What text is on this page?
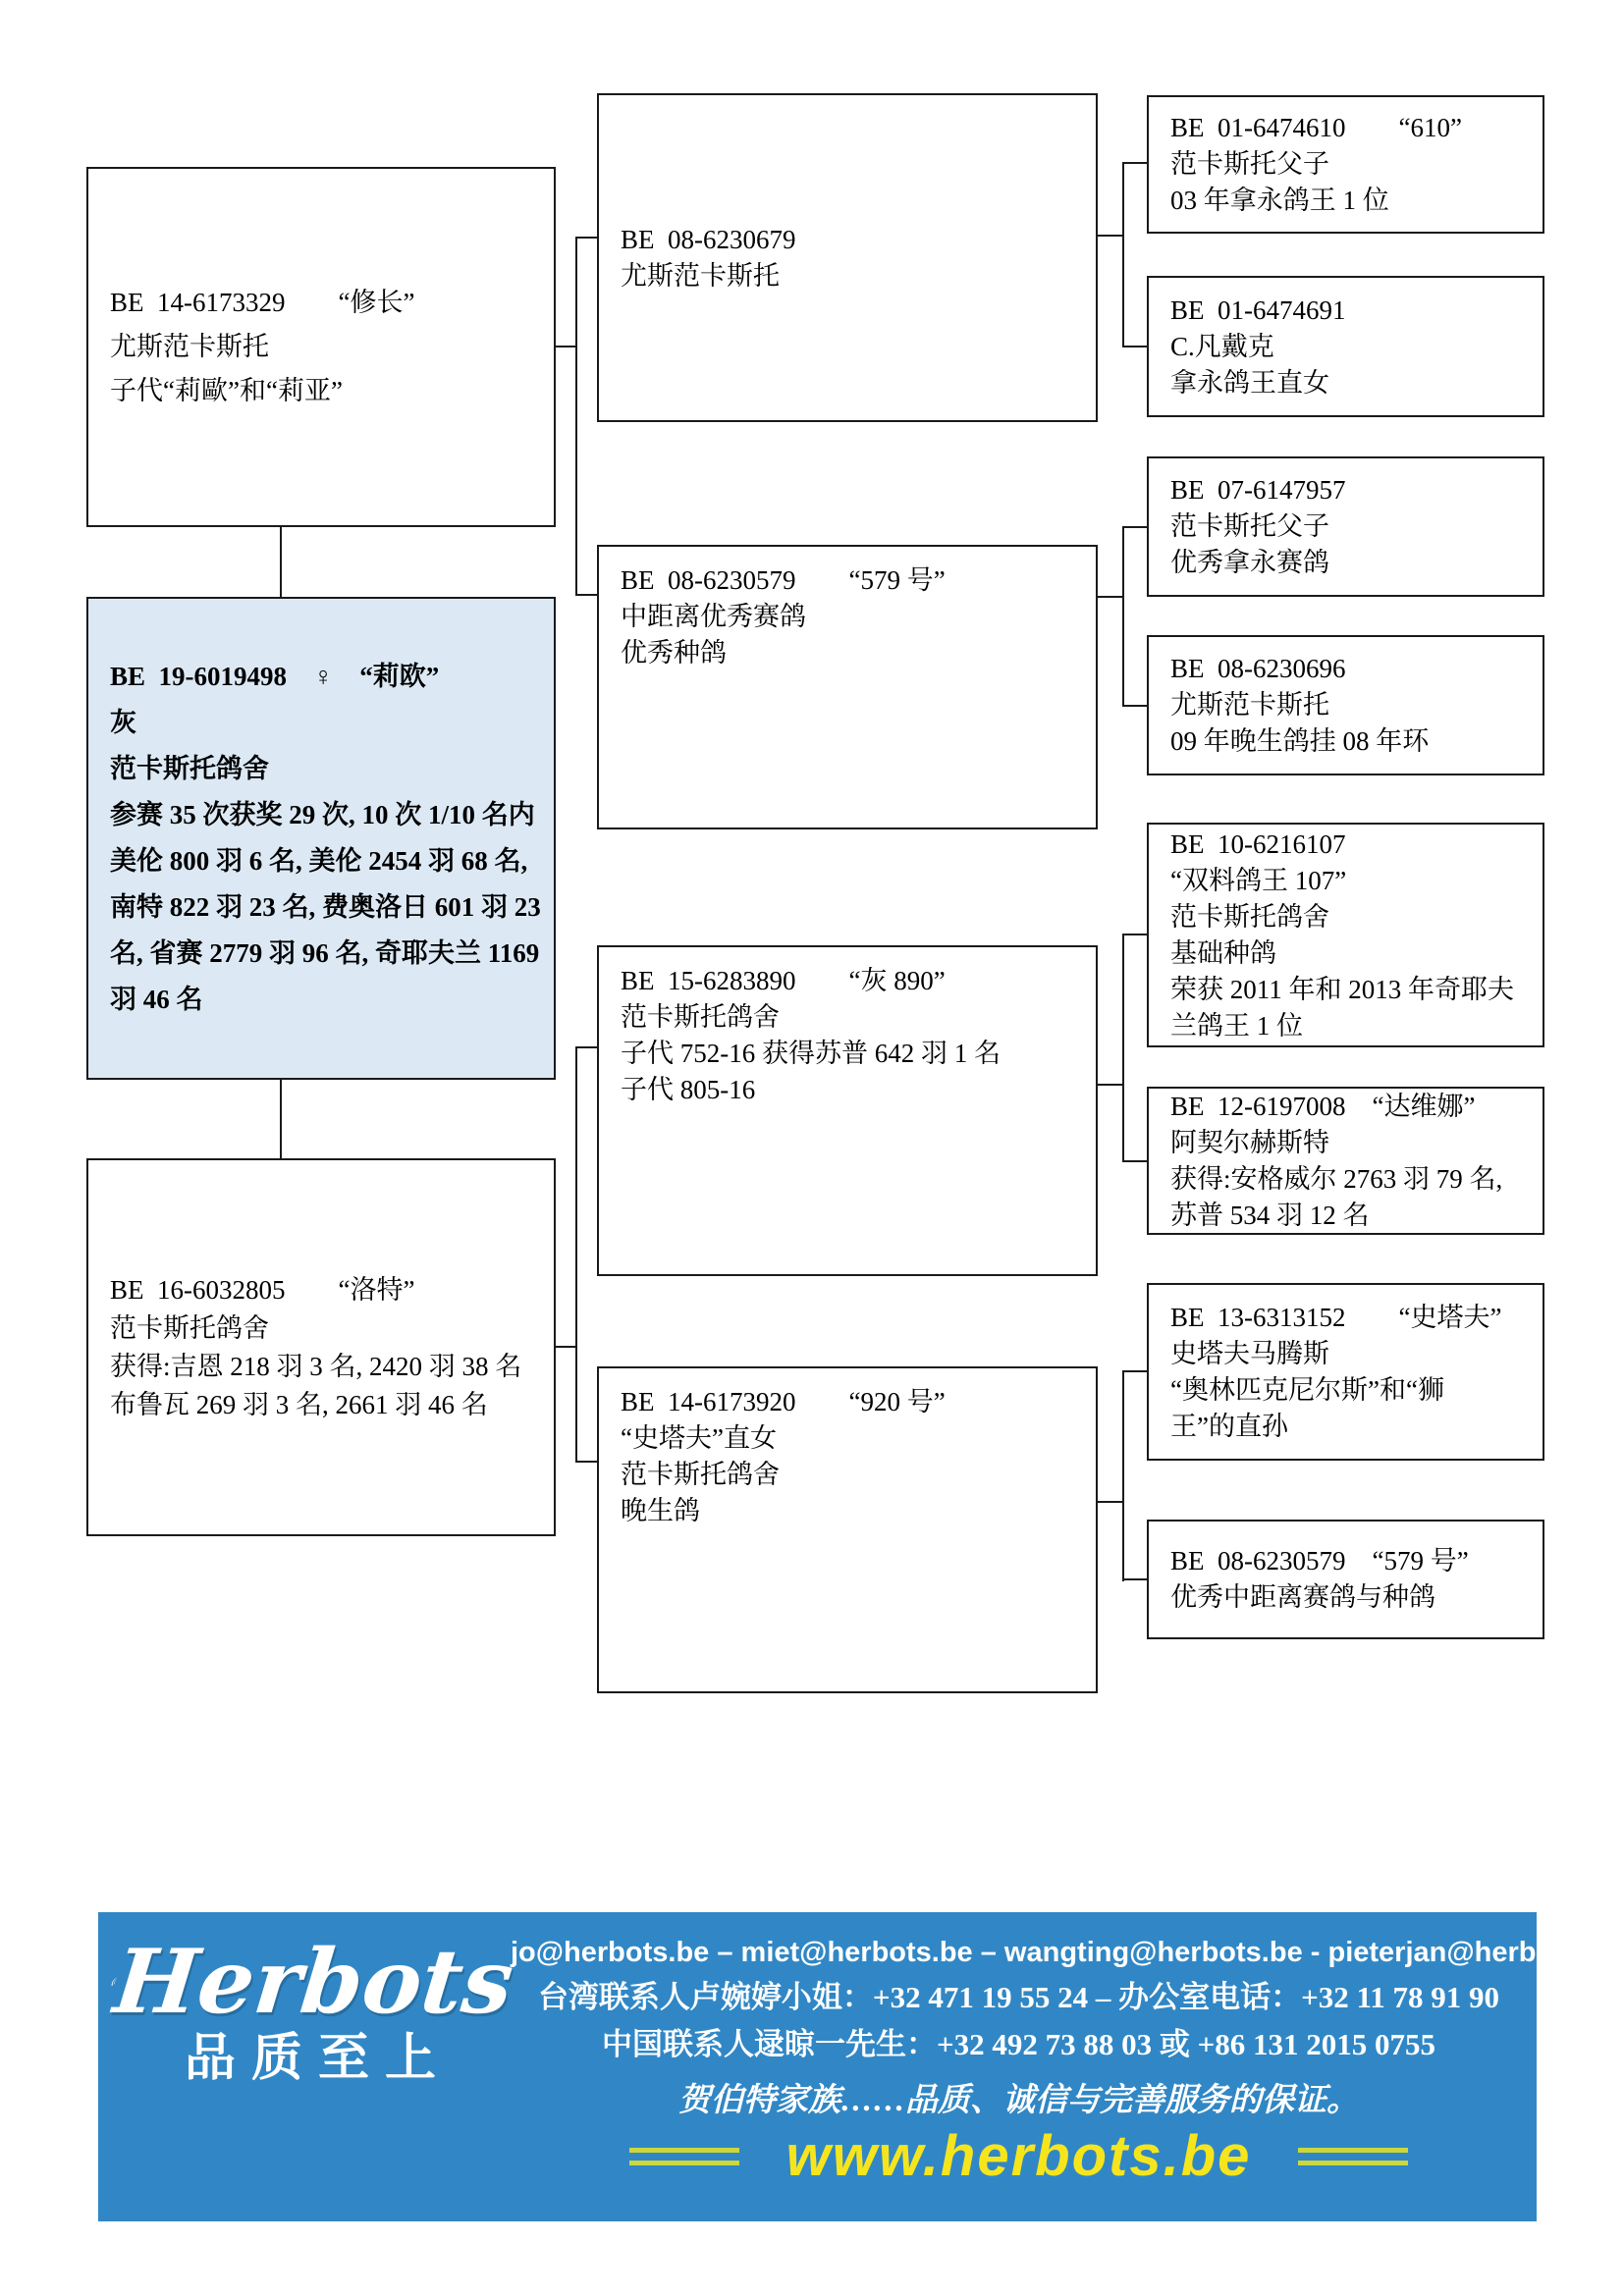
BE  14-6173329　　“修长”
尤斯范卡斯托
子代“莉歐”和“莉亚”
BE  19-6019498　♀　“莉欧”
灰
范卡斯托鸽舍
参赛 35 次获奖 29 次, 10 次 1/10 名内
美伦 800 羽 6 名, 美伦 2454 羽 68 名,
南特 822 羽 23 名, 费奥洛日 601 羽 23
名, 省赛 2779 羽 96 名, 奇耶夫兰 1169
羽 46 名
BE  16-6032805　　“洛特”
范卡斯托鸽舍
获得:吉恩 218 羽 3 名, 2420 羽 38 名
布鲁瓦 269 羽 3 名, 2661 羽 46 名
BE  08-6230679
尤斯范卡斯托
BE  08-6230579　　“579 号”
中距离优秀赛鸽
优秀种鸽
BE  15-6283890　　“灰 890”
范卡斯托鸽舍
子代 752-16 获得苏普 642 羽 1 名
子代 805-16
BE  14-6173920　　“920 号”
“史塔夫”直女
范卡斯托鸽舍
晚生鸽
BE  01-6474610　　“610”
范卡斯托父子
03 年拿永鸽王 1 位
BE  01-6474691
C.凡戴克
拿永鸽王直女
BE  07-6147957
范卡斯托父子
优秀拿永赛鸽
BE  08-6230696
尤斯范卡斯托
09 年晚生鸽挂 08 年环
BE  10-6216107
“双料鸽王 107”
范卡斯托鸽舍
基础种鸽
荣获 2011 年和 2013 年奇耶夫
兰鸽王 1 位
BE  12-6197008　“达维娜”
阿契尔赫斯特
获得:安格威尔 2763 羽 79 名,
苏普 534 羽 12 名
BE  13-6313152　　“史塔夫”
史塔夫马腾斯
“奥林匹克尼尔斯”和“狮
王”的直孙
BE  08-6230579　“579 号”
优秀中距离赛鸽与种鸽
Herbots
品质至上
jo@herbots.be – miet@herbots.be – wangting@herbots.be - pieterjan@herbots.be
台湾联系人卢婉婷小姐：+32 471 19 55 24 – 办公室电话：+32 11 78 91 90
中国联系人逯晾一先生：+32 492 73 88 03 或 +86 131 2015 0755
贺伯特家族……品质、诚信与完善服务的保证。
www.herbots.be
